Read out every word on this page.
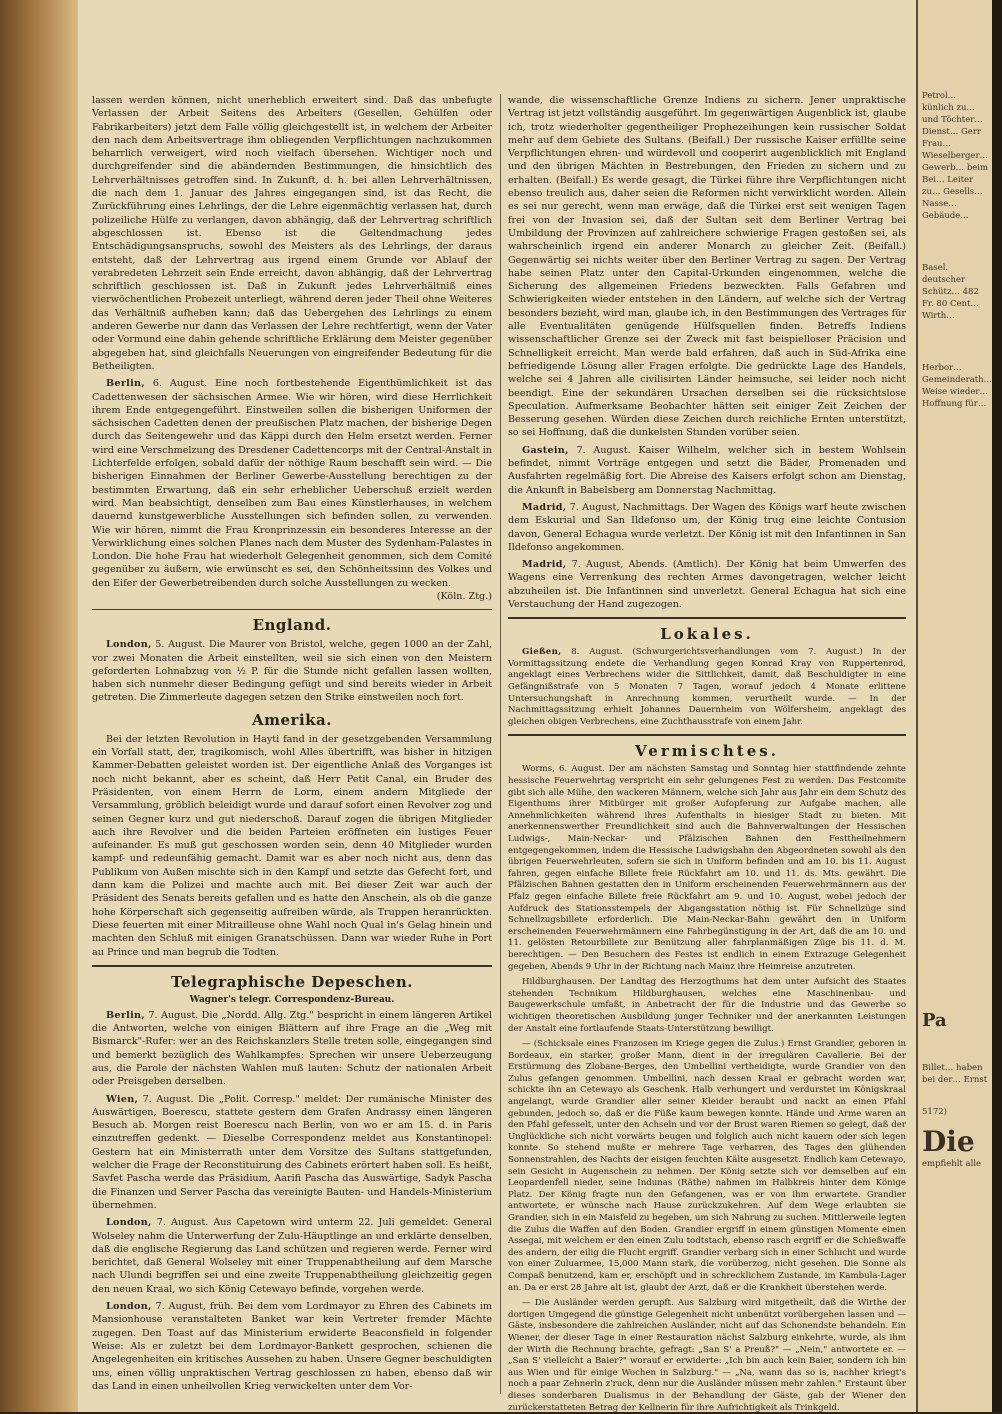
lassen werden können, nicht unerheblich erweitert sind. Daß das unbefugte Verlassen der Arbeit Seitens des Arbeiters (Gesellen, Gehülfen oder Fabrikarbeiters) jetzt dem Falle völlig gleichgestellt ist, in welchem der Arbeiter den nach dem Arbeitsvertrage ihm obliegenden Verpflichtungen nachzukommen beharrlich verweigert, wird noch vielfach übersehen. Wichtiger noch und durchgreifender sind die abändernden Bestimmungen, die hinsichtlich des Lehrverhältnisses getroffen sind. In Zukunft, d. h. bei allen Lehrverhältnissen, die nach dem 1. Januar des Jahres eingegangen sind, ist das Recht, die Zurückführung eines Lehrlings, der die Lehre eigenmächtig verlassen hat, durch polizeiliche Hülfe zu verlangen, davon abhängig, daß der Lehrvertrag schriftlich abgeschlossen ist. Ebenso ist die Geltendmachung jedes Entschädigungsanspruchs, sowohl des Meisters als des Lehrlings, der daraus entsteht, daß der Lehrvertrag aus irgend einem Grunde vor Ablauf der verabredeten Lehrzeit sein Ende erreicht, davon abhängig, daß der Lehrvertrag schriftlich geschlossen ist. Daß in Zukunft jedes Lehrverhältniß eines vierwöchentlichen Probezeit unterliegt, während deren jeder Theil ohne Weiteres das Verhältniß aufheben kann; daß das Uebergehen des Lehrlings zu einem anderen Gewerbe nur dann das Verlassen der Lehre rechtfertigt, wenn der Vater oder Vormund eine dahin gehende schriftliche Erklärung dem Meister gegenüber abgegeben hat, sind gleichfalls Neuerungen von eingreifender Bedeutung für die Betheiligten.

Berlin, 6. August. Eine noch fortbestehende Eigenthümlichkeit ist das Cadettenwesen der sächsischen Armee. Wie wir hören, wird diese Herrlichkeit ihrem Ende entgegengeführt. Einstweilen sollen die bisherigen Uniformen der sächsischen Cadetten denen der preußischen Platz machen, der bisherige Degen durch das Seitengewehr und das Käppi durch den Helm ersetzt werden. Ferner wird eine Verschmelzung des Dresdener Cadettencorps mit der Central-Anstalt in Lichterfelde erfolgen, sobald dafür der nöthige Raum beschafft sein wird. — Die bisherigen Einnahmen der Berliner Gewerbe-Ausstellung berechtigen zu der bestimmten Erwartung, daß ein sehr erheblicher Ueberschuß erzielt werden wird. Man beabsichtigt, denselben zum Bau eines Künstlerhauses, in welchem dauernd kunstgewerbliche Ausstellungen sich befinden sollen, zu verwenden. Wie wir hören, nimmt die Frau Kronprinzessin ein besonderes Interesse an der Verwirklichung eines solchen Planes nach dem Muster des Sydenham-Palastes in London. Die hohe Frau hat wiederholt Gelegenheit genommen, sich dem Comité gegenüber zu äußern, wie erwünscht es sei, den Schönheitssinn des Volkes und den Eifer der Gewerbetreibenden durch solche Ausstellungen zu wecken.
(Köln. Ztg.)

England.

London, 5. August. Die Maurer von Bristol, welche, gegen 1000 an der Zahl, vor zwei Monaten die Arbeit einstellten, weil sie sich einen von den Meistern geforderten Lohnabzug von ½ P. für die Stunde nicht gefallen lassen wollten, haben sich nunmehr dieser Bedingung gefügt und sind bereits wieder in Arbeit getreten. Die Zimmerleute dagegen setzen den Strike einstweilen noch fort.

Amerika.

Bei der letzten Revolution in Hayti fand in der gesetzgebenden Versammlung ein Vorfall statt, der, tragikomisch, wohl Alles übertrifft, was bisher in hitzigen Kammer-Debatten geleistet worden ist. Der eigentliche Anlaß des Vorganges ist noch nicht bekannt, aber es scheint, daß Herr Petit Canal, ein Bruder des Präsidenten, von einem Herrn de Lorm, einem andern Mitgliede der Versammlung, gröblich beleidigt wurde und darauf sofort einen Revolver zog und seinen Gegner kurz und gut niederschoß. Darauf zogen die übrigen Mitglieder auch ihre Revolver und die beiden Parteien eröffneten ein lustiges Feuer aufeinander. Es muß gut geschossen worden sein, denn 40 Mitglieder wurden kampf- und redeunfähig gemacht. Damit war es aber noch nicht aus, denn das Publikum von Außen mischte sich in den Kampf und setzte das Gefecht fort, und dann kam die Polizei und machte auch mit. Bei dieser Zeit war auch der Präsident des Senats bereits gefallen und es hatte den Anschein, als ob die ganze hohe Körperschaft sich gegenseitig aufreiben würde, als Truppen heranrückten. Diese feuerten mit einer Mitrailleuse ohne Wahl noch Qual in's Gelag hinein und machten den Schluß mit einigen Granatschüssen. Dann war wieder Ruhe in Port au Prince und man begrub die Todten.

Telegraphische Depeschen.
Wagner's telegr. Correspondenz-Bureau.

Berlin, 7. August. Die „Nordd. Allg. Ztg." bespricht in einem längeren Artikel die Antworten, welche von einigen Blättern auf ihre Frage an die „Weg mit Bismarck"-Rufer: wer an des Reichskanzlers Stelle treten solle, eingegangen sind und bemerkt bezüglich des Wahlkampfes: Sprechen wir unsere Ueberzeugung aus, die Parole der nächsten Wahlen muß lauten: Schutz der nationalen Arbeit oder Preisgeben derselben.

Wien, 7. August. Die „Polit. Corresp." meldet: Der rumänische Minister des Auswärtigen, Boerescu, stattete gestern dem Grafen Andrassy einen längeren Besuch ab. Morgen reist Boerescu nach Berlin, von wo er am 15. d. in Paris einzutreffen gedenkt. — Dieselbe Correspondenz meldet aus Konstantinopel: Gestern hat ein Ministerrath unter dem Vorsitze des Sultans stattgefunden, welcher die Frage der Reconstituirung des Cabinets erörtert haben soll. Es heißt, Savfet Pascha werde das Präsidium, Aarifi Pascha das Auswärtige, Sadyk Pascha die Finanzen und Server Pascha das vereinigte Bauten- und Handels-Ministerium übernehmen.

London, 7. August. Aus Capetown wird unterm 22. Juli gemeldet: General Wolseley nahm die Unterwerfung der Zulu-Häuptlinge an und erklärte denselben, daß die englische Regierung das Land schützen und regieren werde. Ferner wird berichtet, daß General Wolseley mit einer Truppenabtheilung auf dem Marsche nach Ulundi begriffen sei und eine zweite Truppenabtheilung gleichzeitig gegen den neuen Kraal, wo sich König Cetewayo befinde, vorgehen werde.

London, 7. August, früh. Bei dem vom Lordmayor zu Ehren des Cabinets im Mansionhouse veranstalteten Banket war kein Vertreter fremder Mächte zugegen. Den Toast auf das Ministerium erwiderte Beaconsfield in folgender Weise: Als er zuletzt bei dem Lordmayor-Bankett gesprochen, schienen die Angelegenheiten ein kritisches Aussehen zu haben. Unsere Gegner beschuldigten uns, einen völlig unpraktischen Vertrag geschlossen zu haben, ebenso daß wir das Land in einen unheilvollen Krieg verwickelten unter dem Vor-

wande, die wissenschaftliche Grenze Indiens zu sichern. Jener unpraktische Vertrag ist jetzt vollständig ausgeführt. Im gegenwärtigen Augenblick ist, glaube ich, trotz wiederholter gegentheiliger Prophezeihungen kein russischer Soldat mehr auf dem Gebiete des Sultans. (Beifall.) Der russische Kaiser erfüllte seine Verpflichtungen ehren- und würdevoll und cooperirt augenblicklich mit England und den übrigen Mächten in Bestrebungen, den Frieden zu sichern und zu erhalten. (Beifall.) Es werde gesagt, die Türkei führe ihre Verpflichtungen nicht ebenso treulich aus, daher seien die Reformen nicht verwirklicht worden. Allein es sei nur gerecht, wenn man erwäge, daß die Türkei erst seit wenigen Tagen frei von der Invasion sei, daß der Sultan seit dem Berliner Vertrag bei Umbildung der Provinzen auf zahlreichere schwierige Fragen gestoßen sei, als wahrscheinlich irgend ein anderer Monarch zu gleicher Zeit. (Beifall.) Gegenwärtig sei nichts weiter über den Berliner Vertrag zu sagen. Der Vertrag habe seinen Platz unter den Capital-Urkunden eingenommen, welche die Sicherung des allgemeinen Friedens bezweckten. Falls Gefahren und Schwierigkeiten wieder entstehen in den Ländern, auf welche sich der Vertrag besonders bezieht, wird man, glaube ich, in den Bestimmungen des Vertrages für alle Eventualitäten genügende Hülfsquellen finden. Betreffs Indiens wissenschaftlicher Grenze sei der Zweck mit fast beispielloser Präcision und Schnelligkeit erreicht. Man werde bald erfahren, daß auch in Süd-Afrika eine befriedigende Lösung aller Fragen erfolgte. Die gedrückte Lage des Handels, welche sei 4 Jahren alle civilisirten Länder heimsuche, sei leider noch nicht beendigt. Eine der sekundären Ursachen derselben sei die rücksichtslose Speculation. Aufmerksame Beobachter hätten seit einiger Zeit Zeichen der Besserung gesehen. Würden diese Zeichen durch reichliche Ernten unterstützt, so sei Hoffnung, daß die dunkelsten Stunden vorüber seien.

Gastein, 7. August. Kaiser Wilhelm, welcher sich in bestem Wohlsein befindet, nimmt Vorträge entgegen und setzt die Bäder, Promenaden und Ausfahrten regelmäßig fort. Die Abreise des Kaisers erfolgt schon am Dienstag, die Ankunft in Babelsberg am Donnerstag Nachmittag.

Madrid, 7. August, Nachmittags. Der Wagen des Königs warf heute zwischen dem Eskurial und San Ildefonso um, der König trug eine leichte Contusion davon, General Echagua wurde verletzt. Der König ist mit den Infantinnen in San Ildefonso angekommen.

Madrid, 7. August, Abends. (Amtlich). Der König hat beim Umwerfen des Wagens eine Verrenkung des rechten Armes davongetragen, welcher leicht abzuheilen ist. Die Infantinnen sind unverletzt. General Echagua hat sich eine Verstauchung der Hand zugezogen.

Lokales.

Gießen, 8. August. (Schwurgerichtsverhandlungen vom 7. August.) In der Vormittagssitzung endete die Verhandlung gegen Konrad Kray von Ruppertenrod, angeklagt eines Verbrechens wider die Sittlichkeit, damit, daß Beschuldigter in eine Gefängnißstrafe von 5 Monaten 7 Tagen, worauf jedoch 4 Monate erlittene Untersuchungshaft in Anrechnung kommen, verurtheilt wurde. — In der Nachmittagssitzung erhielt Johannes Dauernheim von Wölfersheim, angeklagt des gleichen obigen Verbrechens, eine Zuchthausstrafe von einem Jahr.

Vermischtes.

Worms, 6. August. Der am nächsten Samstag und Sonntag hier stattfindende zehnte hessische Feuerwehrtag verspricht ein sehr gelungenes Fest zu werden. Das Festcomite gibt sich alle Mühe, den wackeren Männern, welche sich Jahr aus Jahr ein dem Schutz des Eigenthums ihrer Mitbürger mit großer Aufopferung zur Aufgabe machen, alle Annehmlichkeiten während ihres Aufenthalts in hiesiger Stadt zu bieten. Mit anerkennenswerther Freundlichkeit sind auch die Bahnverwaltungen der Hessischen Ludwigs-, Main-Neckar- und Pfälzischen Bahnen den Festtheilnehmern entgegengekommen, indem die Hessische Ludwigsbahn den Abgeordneten sowohl als den übrigen Feuerwehrleuten, sofern sie sich in Uniform befinden und am 10. bis 11. August fahren, gegen einfache Billete freie Rückfahrt am 10. und 11. ds. Mts. gewährt. Die Pfälzischen Bahnen gestatten den in Uniform erscheinenden Feuerwehrmännern aus der Pfalz gegen einfache Billete freie Rückfahrt am 9. und 10. August, wobei jedoch der Aufdruck des Stationsstempels der Abgangsstation nöthig ist. Für Schnellzüge sind Schnellzugsbillete erforderlich. Die Main-Neckar-Bahn gewährt den in Uniform erscheinenden Feuerwehrmännern eine Fahrbegünstigung in der Art, daß die am 10. und 11. gelösten Retourbillete zur Benützung aller fahrplanmäßigen Züge bis 11. d. M. berechtigen. — Den Besuchern des Festes ist endlich in einem Extrazuge Gelegenheit gegeben, Abends 9 Uhr in der Richtung nach Mainz ihre Heimreise anzutreten.

Hildburghausen. Der Landtag des Herzogthums hat dem unter Aufsicht des Staates stehenden Technikum Hildburghausen, welches eine Maschinenbau- und Baugewerkschule umfaßt, in Anbetracht der für die Industrie und das Gewerbe so wichtigen theoretischen Ausbildung junger Techniker und der anerkannten Leistungen der Anstalt eine fortlaufende Staats-Unterstützung bewilligt.

— (Schicksale eines Franzosen im Kriege gegen die Zulus.) Ernst Grandier, geboren in Bordeaux, ein starker, großer Mann, dient in der irregulären Cavallerie. Bei der Erstürmung des Zlobane-Berges, den Umbellini vertheidigte, wurde Grandier von den Zulus gefangen genommen. Umbellini, nach dessen Kraal er gebracht worden war, schickte ihn an Cetewayo als Geschenk. Halb verhungert und verdurstet im Königskraal angelangt, wurde Grandier aller seiner Kleider beraubt und nackt an einen Pfahl gebunden, jedoch so, daß er die Füße kaum bewegen konnte. Hände und Arme waren an den Pfahl gefesselt, unter den Achseln und vor der Brust waren Riemen so gelegt, daß der Unglückliche sich nicht vorwärts beugen und folglich auch nicht kauern oder sich legen konnte. So stehend mußte er mehrere Tage verharren, des Tages den glühenden Sonnenstrahlen, des Nachts der eisigen feuchten Kälte ausgesetzt. Endlich kam Cetewayo, sein Gesicht in Augenschein zu nehmen. Der König setzte sich vor demselben auf ein Leopardenfell nieder, seine Indunas (Räthe) nahmen im Halbkreis hinter dem Könige Platz. Der König fragte nun den Gefangenen, was er von ihm erwartete. Grandier antwortete, er wünsche nach Hause zurückzukehren. Auf dem Wege erlaubten sie Grandier, sich in ein Maisfeld zu begeben, um sich Nahrung zu suchen. Mittlerweile legten die Zulus die Waffen auf den Boden. Grandier ergriff in einem günstigen Momente einen Assegai, mit welchem er den einen Zulu todtstach, ebenso rasch ergriff er die Schießwaffe des andern, der eilig die Flucht ergriff. Grandier verbarg sich in einer Schlucht und wurde von einer Zuluarmee, 15,000 Mann stark, die vorüberzog, nicht gesehen. Die Sonne als Compaß benutzend, kam er, erschöpft und in schrecklichem Zustande, im Kambula-Lager an. Da er erst 28 Jahre alt ist, glaubt der Arzt, daß er die Krankheit überstehen werde.

— Die Ausländer werden gerupft. Aus Salzburg wird mitgetheilt, daß die Wirthe der dortigen Umgegend die günstige Gelegenheit nicht unbenützt vorübergehen lassen und — Gäste, insbesondere die zahlreichen Ausländer, nicht auf das Schonendste behandeln. Ein Wiener, der dieser Tage in einer Restauration nächst Salzburg einkehrte, wurde, als ihm der Wirth die Rechnung brachte, gefragt: „San S' a Preuß?" — „Nein," antwortete er. — „San S' vielleicht a Baier?" worauf er erwiderte: „Ich bin auch kein Baier, sondern ich bin aus Wien und für einige Wochen in Salzburg." — „Na, wann das so is, nachher kriegt's noch a paar Zehnerln z'ruck, denn nur die Ausländer müssen mehr zahlen." Erstaunt über dieses sonderbaren Dualismus in der Behandlung der Gäste, gab der Wiener den zurückerstatteten Betrag der Kellnerin für ihre Aufrichtigkeit als Trinkgeld.

Petrol… künlich zu… und Töchter… Dienst… Gerr Frau… Wieselberger… Gewerb… beim Bei… Leiter zu… Gesells… Nasse… Gebäude…
Basel. deutscher Schütz… 482 Fr. 80 Cent… Wirth…
Herbor… Gemeinderath… Weise wieder… Hoffnung für…
Pa
Billet… haben bei der… Ernst
5172)
Die
empfiehlt alle
